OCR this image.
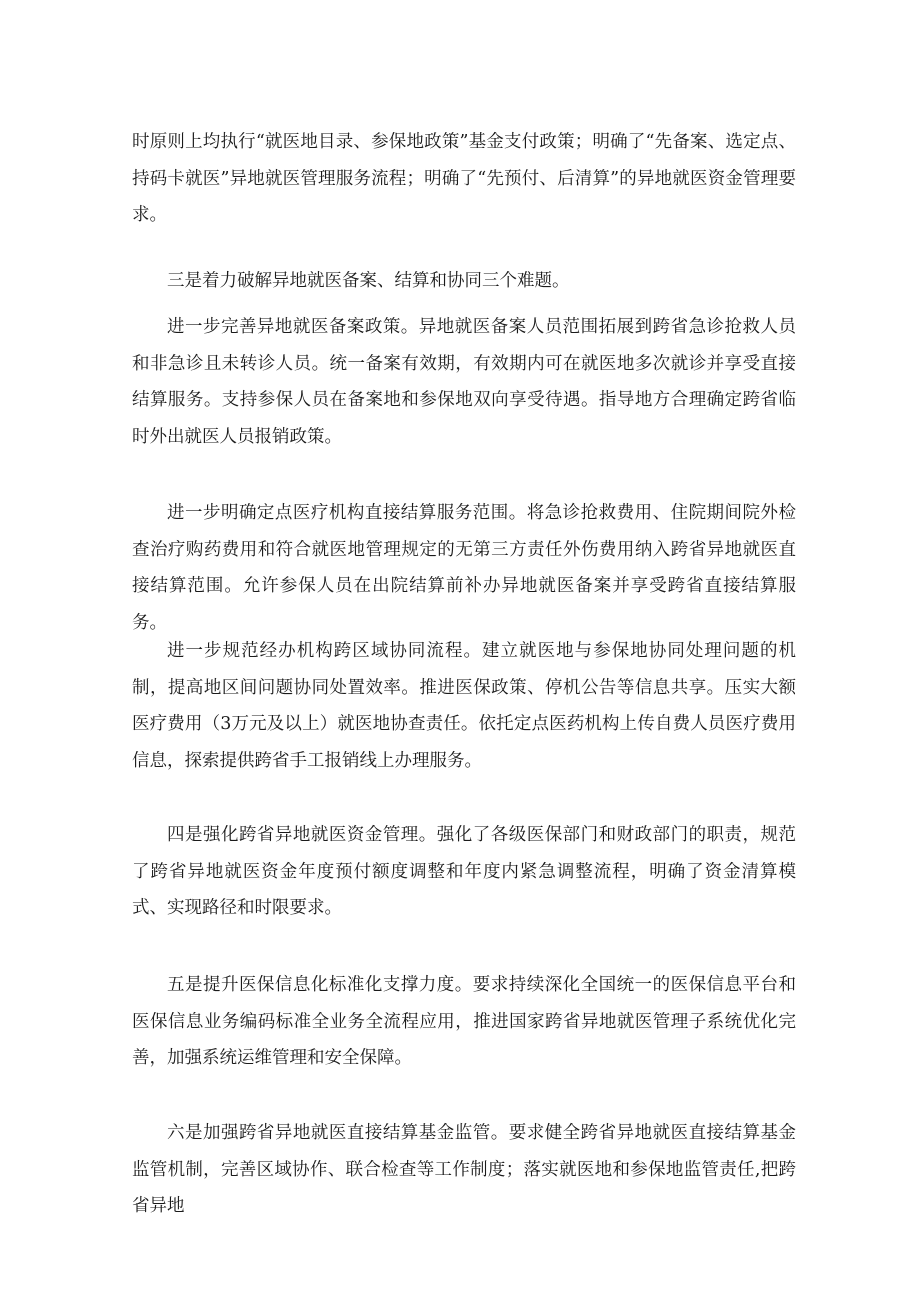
时原则上均执行“就医地目录、参保地政策”基金支付政策；明确了“先备案、选定点、持码卡就医”异地就医管理服务流程；明确了“先预付、后清算”的异地就医资金管理要求。

三是着力破解异地就医备案、结算和协同三个难题。

进一步完善异地就医备案政策。异地就医备案人员范围拓展到跨省急诊抢救人员和非急诊且未转诊人员。统一备案有效期，有效期内可在就医地多次就诊并享受直接结算服务。支持参保人员在备案地和参保地双向享受待遇。指导地方合理确定跨省临时外出就医人员报销政策。

进一步明确定点医疗机构直接结算服务范围。将急诊抢救费用、住院期间院外检查治疗购药费用和符合就医地管理规定的无第三方责任外伤费用纳入跨省异地就医直接结算范围。允许参保人员在出院结算前补办异地就医备案并享受跨省直接结算服务。

进一步规范经办机构跨区域协同流程。建立就医地与参保地协同处理问题的机制，提高地区间问题协同处置效率。推进医保政策、停机公告等信息共享。压实大额医疗费用（3万元及以上）就医地协查责任。依托定点医药机构上传自费人员医疗费用信息，探索提供跨省手工报销线上办理服务。

四是强化跨省异地就医资金管理。强化了各级医保部门和财政部门的职责，规范了跨省异地就医资金年度预付额度调整和年度内紧急调整流程，明确了资金清算模式、实现路径和时限要求。

五是提升医保信息化标准化支撑力度。要求持续深化全国统一的医保信息平台和医保信息业务编码标准全业务全流程应用，推进国家跨省异地就医管理子系统优化完善，加强系统运维管理和安全保障。

六是加强跨省异地就医直接结算基金监管。要求健全跨省异地就医直接结算基金监管机制，完善区域协作、联合检查等工作制度；落实就医地和参保地监管责任,把跨省异地
